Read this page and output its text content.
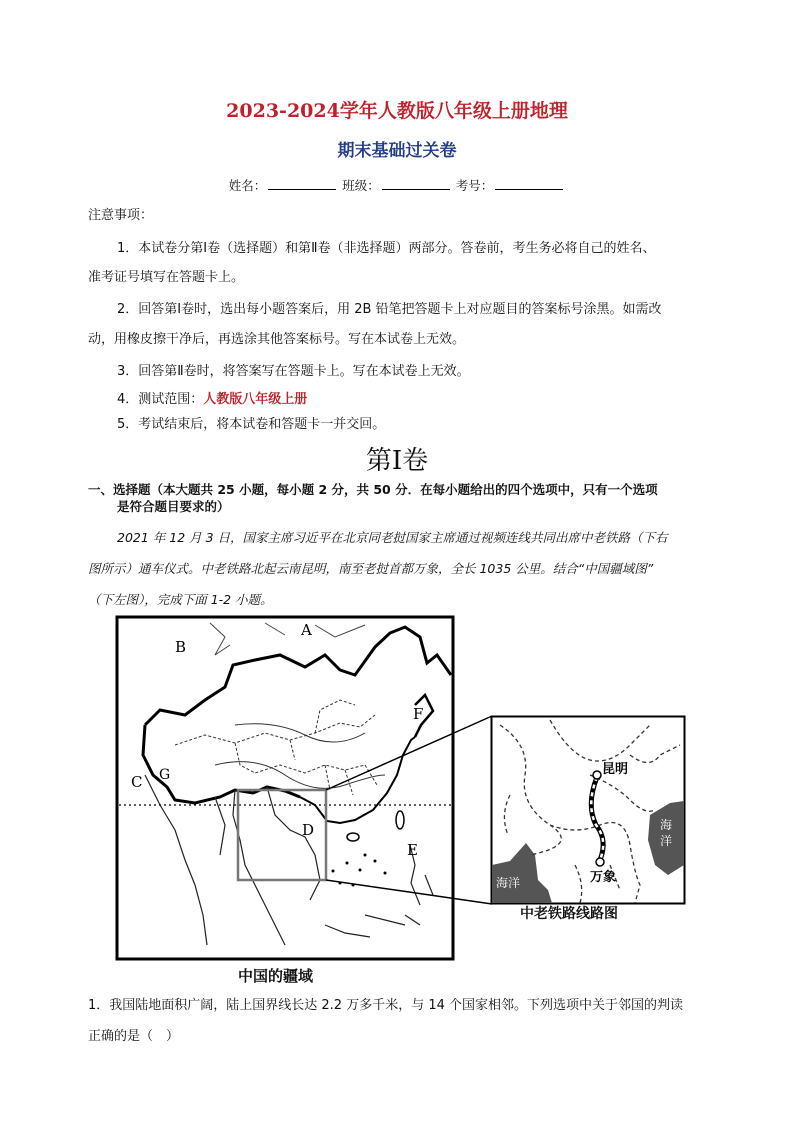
2023-2024学年人教版八年级上册地理
期末基础过关卷
姓名：	班级：	考号：
注意事项：
1．本试卷分第Ⅰ卷（选择题）和第Ⅱ卷（非选择题）两部分。答卷前，考生务必将自己的姓名、
准考证号填写在答题卡上。
2．回答第Ⅰ卷时，选出每小题答案后，用 2B 铅笔把答题卡上对应题目的答案标号涂黑。如需改
动，用橡皮擦干净后，再选涂其他答案标号。写在本试卷上无效。
3．回答第Ⅱ卷时，将答案写在答题卡上。写在本试卷上无效。
4．测试范围：人教版八年级上册
5．考试结束后，将本试卷和答题卡一并交回。
第Ⅰ卷
一、选择题（本大题共 25 小题，每小题 2 分，共 50 分．在每小题给出的四个选项中，只有一个选项
是符合题目要求的）
2021 年 12 月 3 日，国家主席习近平在北京同老挝国家主席通过视频连线共同出席中老铁路（下右
图所示）通车仪式。中老铁路北起云南昆明，南至老挝首都万象，全长 1035 公里。结合“中国疆域图”
（下左图），完成下面 1-2 小题。
A
B
C
D
E
F
G
中国的疆域
昆明
万象
海洋
海
洋
中老铁路线路图
1．我国陆地面积广阔，陆上国界线长达 2.2 万多千米，与 14 个国家相邻。下列选项中关于邻国的判读
正确的是（　）
